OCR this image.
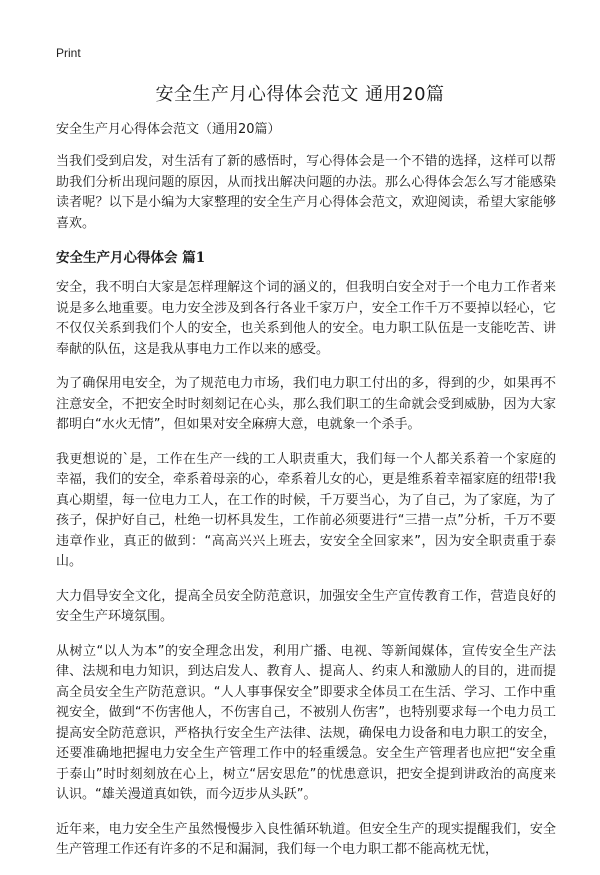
Print
安全生产月心得体会范文 通用20篇

安全生产月心得体会范文（通用20篇）

当我们受到启发，对生活有了新的感悟时，写心得体会是一个不错的选择，这样可以帮助我们分析出现问题的原因，从而找出解决问题的办法。那么心得体会怎么写才能感染读者呢？以下是小编为大家整理的安全生产月心得体会范文，欢迎阅读，希望大家能够喜欢。

安全生产月心得体会 篇1

安全，我不明白大家是怎样理解这个词的涵义的，但我明白安全对于一个电力工作者来说是多么地重要。电力安全涉及到各行各业千家万户，安全工作千万不要掉以轻心，它不仅仅关系到我们个人的安全，也关系到他人的安全。电力职工队伍是一支能吃苦、讲奉献的队伍，这是我从事电力工作以来的感受。

为了确保用电安全，为了规范电力市场，我们电力职工付出的多，得到的少，如果再不注意安全，不把安全时时刻刻记在心头，那么我们职工的生命就会受到威胁，因为大家都明白“水火无情”，但如果对安全麻痹大意，电就象一个杀手。

我更想说的`是，工作在生产一线的工人职责重大，我们每一个人都关系着一个家庭的幸福，我们的安全，牵系着母亲的心，牵系着儿女的心，更是维系着幸福家庭的纽带!我真心期望，每一位电力工人，在工作的时候，千万要当心，为了自己，为了家庭，为了孩子，保护好自己，杜绝一切杯具发生，工作前必须要进行“三措一点”分析，千万不要违章作业，真正的做到：“高高兴兴上班去，安安全全回家来”，因为安全职责重于泰山。

大力倡导安全文化，提高全员安全防范意识，加强安全生产宣传教育工作，营造良好的安全生产环境氛围。

从树立“以人为本”的安全理念出发，利用广播、电视、等新闻媒体，宣传安全生产法律、法规和电力知识，到达启发人、教育人、提高人、约束人和激励人的目的，进而提高全员安全生产防范意识。“人人事事保安全”即要求全体员工在生活、学习、工作中重视安全，做到“不伤害他人，不伤害自己，不被别人伤害”，也特别要求每一个电力员工提高安全防范意识，严格执行安全生产法律、法规，确保电力设备和电力职工的安全，还要准确地把握电力安全生产管理工作中的轻重缓急。安全生产管理者也应把“安全重于泰山”时时刻刻放在心上，树立“居安思危”的忧患意识，把安全提到讲政治的高度来认识。“雄关漫道真如铁，而今迈步从头跃”。

近年来，电力安全生产虽然慢慢步入良性循环轨道。但安全生产的现实提醒我们，安全生产管理工作还有许多的不足和漏洞，我们每一个电力职工都不能高枕无忧，
